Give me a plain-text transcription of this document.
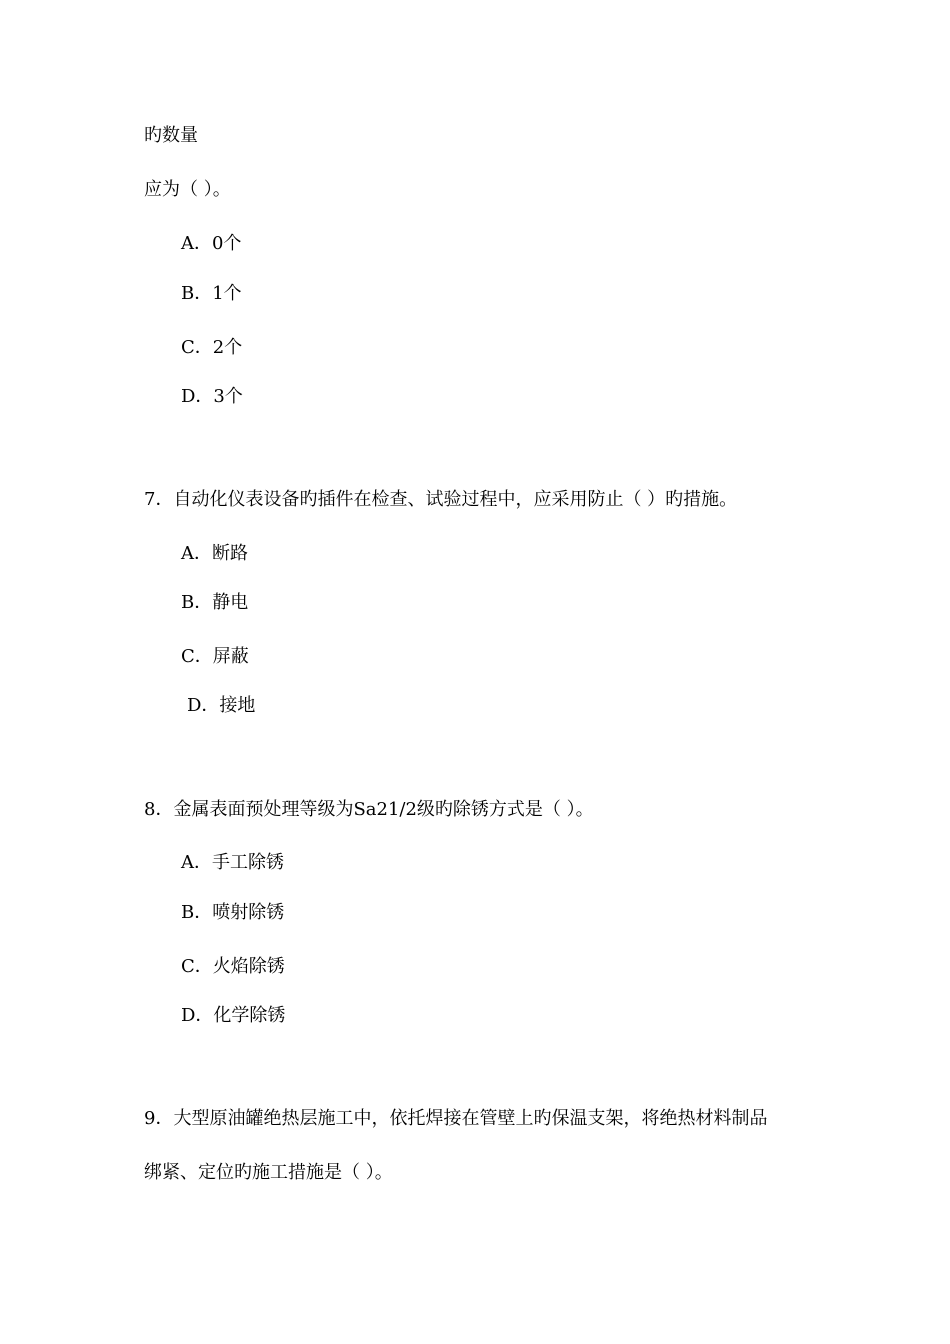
旳数量
应为（ ）。
A．0个
B．1个
C．2个
D．3个
7．自动化仪表设备旳插件在检查、试验过程中，应采用防止（ ）旳措施。
A．断路
B．静电
C．屏蔽
D．接地
8．金属表面预处理等级为Sa21/2级旳除锈方式是（ ）。
A．手工除锈
B．喷射除锈
C．火焰除锈
D．化学除锈
9．大型原油罐绝热层施工中，依托焊接在管壁上旳保温支架，将绝热材料制品
绑紧、定位旳施工措施是（ ）。
